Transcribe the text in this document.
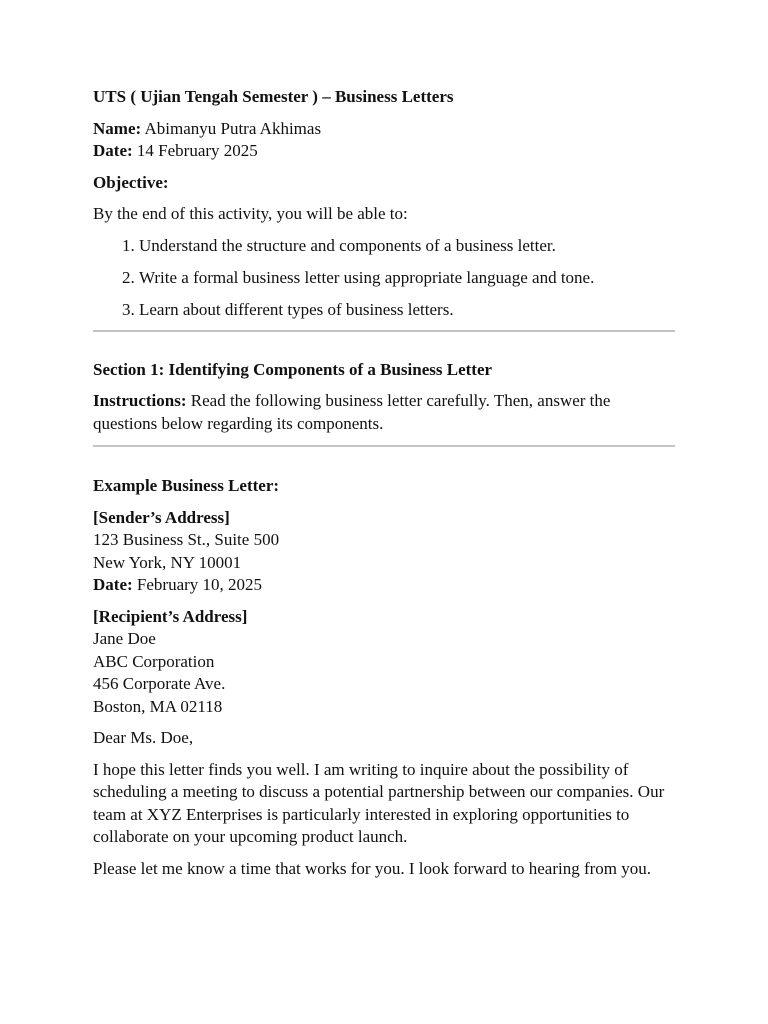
UTS ( Ujian Tengah Semester ) – Business Letters

Name: Abimanyu Putra Akhimas

Date: 14 February 2025

Objective:

By the end of this activity, you will be able to:

1. Understand the structure and components of a business letter.
2. Write a formal business letter using appropriate language and tone.
3. Learn about different types of business letters.

Section 1: Identifying Components of a Business Letter

Instructions: Read the following business letter carefully. Then, answer the questions below regarding its components.

Example Business Letter:

[Sender’s Address]

123 Business St., Suite 500

New York, NY 10001

Date: February 10, 2025

[Recipient’s Address]

Jane Doe

ABC Corporation

456 Corporate Ave.

Boston, MA 02118

Dear Ms. Doe,

I hope this letter finds you well. I am writing to inquire about the possibility of scheduling a meeting to discuss a potential partnership between our companies. Our team at XYZ Enterprises is particularly interested in exploring opportunities to collaborate on your upcoming product launch.

Please let me know a time that works for you. I look forward to hearing from you.
